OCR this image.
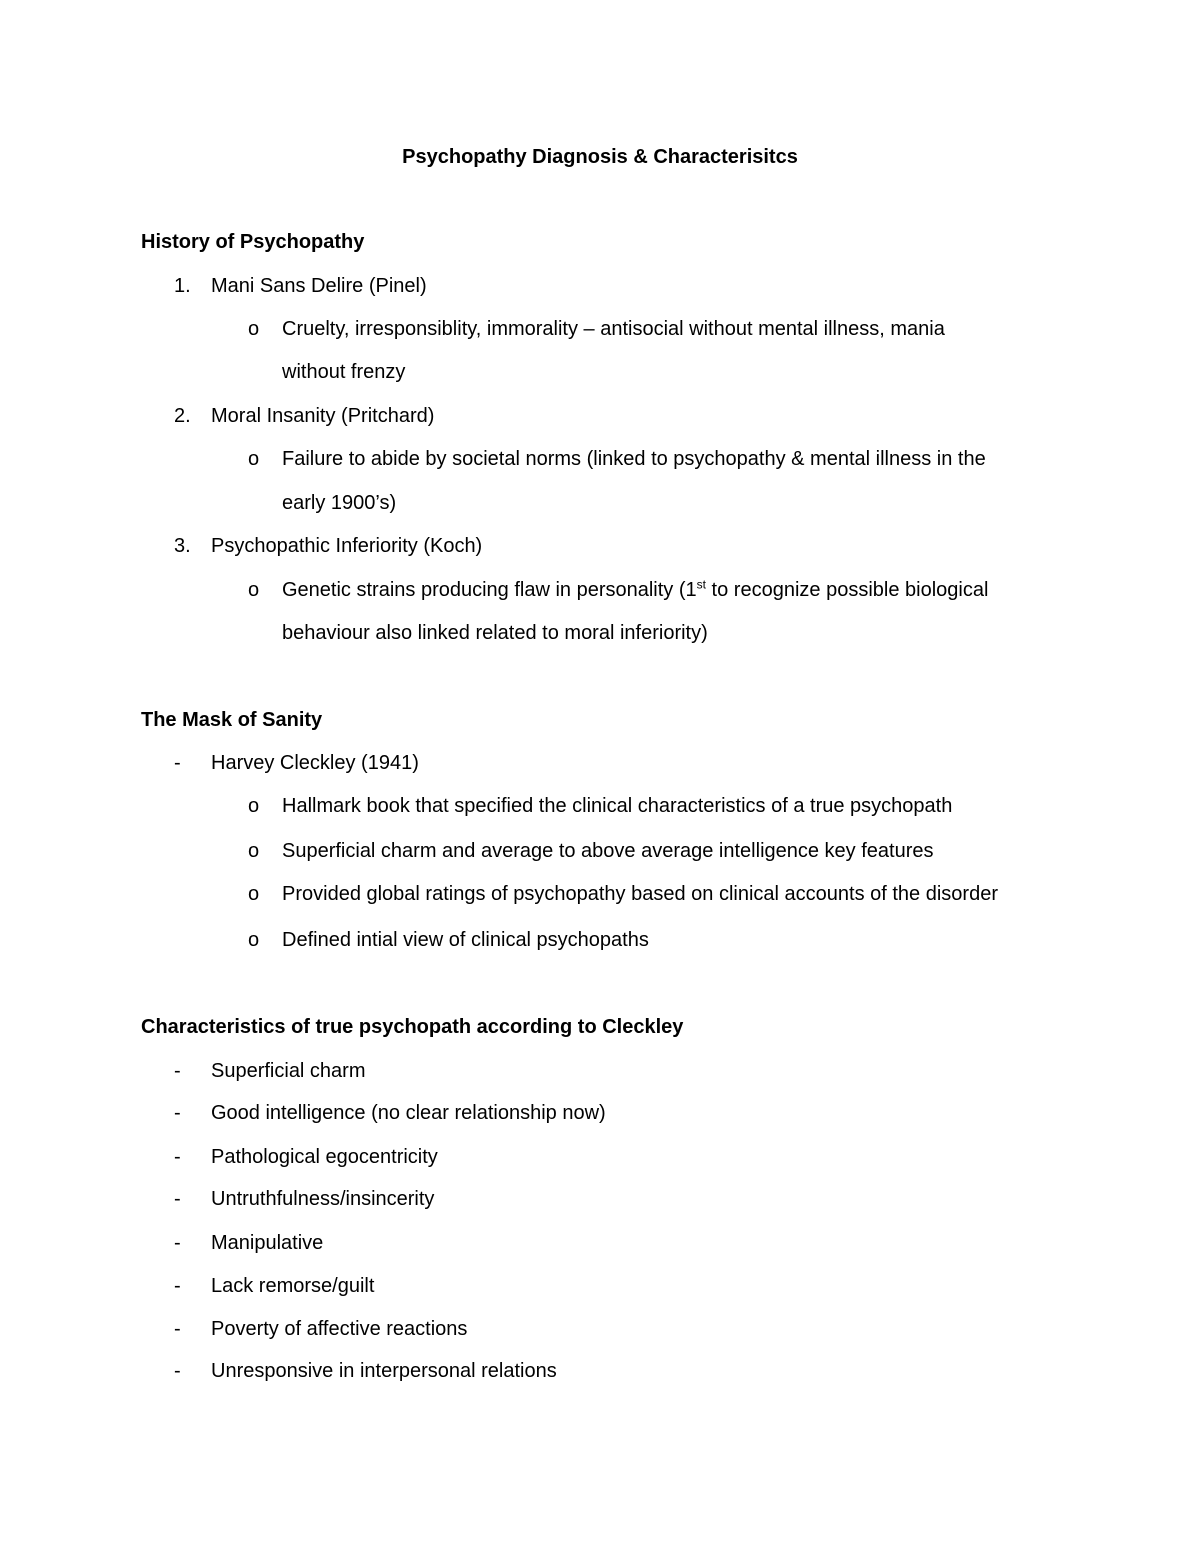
Psychopathy Diagnosis & Characterisitcs
History of Psychopathy
1. Mani Sans Delire (Pinel)
o Cruelty, irresponsiblity, immorality – antisocial without mental illness, mania
without frenzy
2. Moral Insanity (Pritchard)
o Failure to abide by societal norms (linked to psychopathy & mental illness in the
early 1900’s)
3. Psychopathic Inferiority (Koch)
o Genetic strains producing flaw in personality (1st to recognize possible biological
behaviour also linked related to moral inferiority)
The Mask of Sanity
- Harvey Cleckley (1941)
o Hallmark book that specified the clinical characteristics of a true psychopath
o Superficial charm and average to above average intelligence key features
o Provided global ratings of psychopathy based on clinical accounts of the disorder
o Defined intial view of clinical psychopaths
Characteristics of true psychopath according to Cleckley
- Superficial charm
- Good intelligence (no clear relationship now)
- Pathological egocentricity
- Untruthfulness/insincerity
- Manipulative
- Lack remorse/guilt
- Poverty of affective reactions
- Unresponsive in interpersonal relations
